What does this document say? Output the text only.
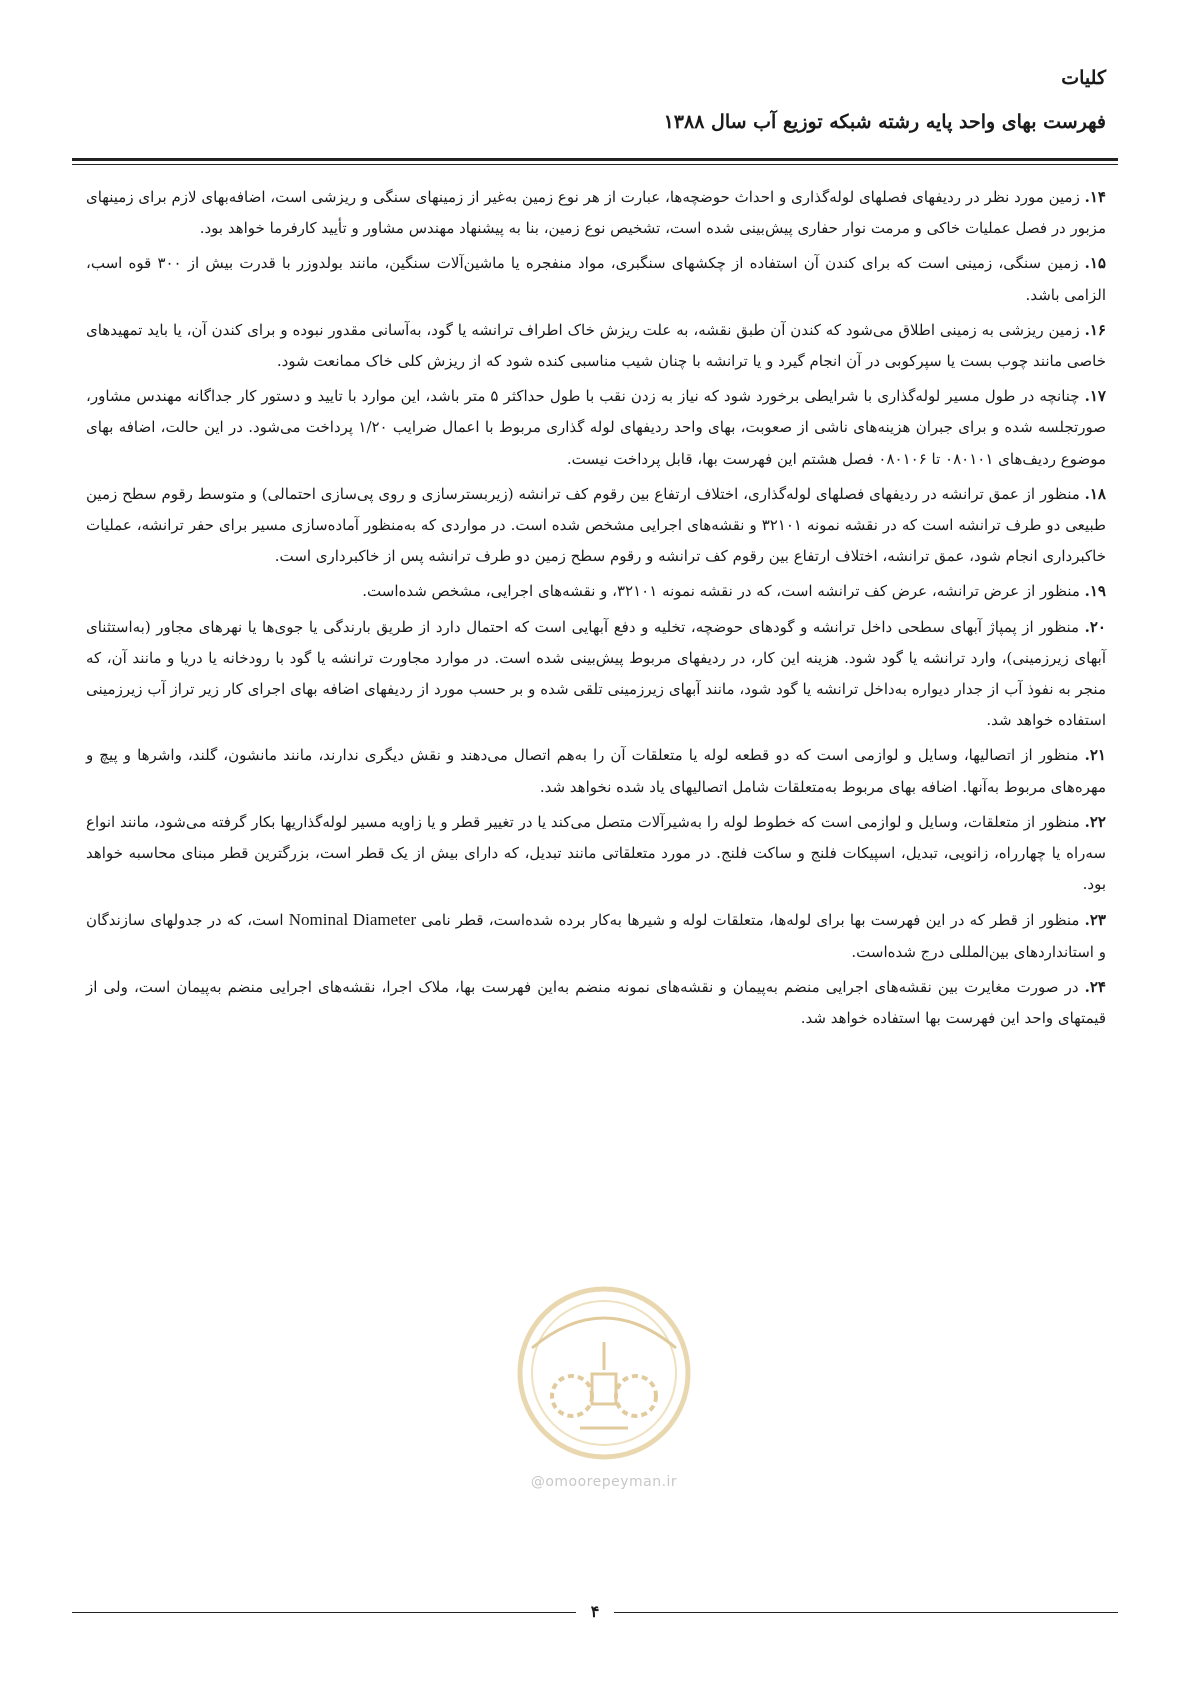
کلیات
فهرست بهای واحد پایه رشته شبکه توزیع آب سال ۱۳۸۸

۱۴. زمین مورد نظر در ردیفهای فصلهای لوله‌گذاری و احداث حوضچه‌ها، عبارت از هر نوع زمین به‌غیر از زمینهای سنگی و ریزشی است، اضافه‌بهای لازم برای زمینهای مزبور در فصل عملیات خاکی و مرمت نوار حفاری پیش‌بینی شده است، تشخیص نوع زمین، بنا به پیشنهاد مهندس مشاور و تأیید کارفرما خواهد بود.

۱۵. زمین سنگی، زمینی است که برای کندن آن استفاده از چکشهای سنگبری، مواد منفجره یا ماشین‌آلات سنگین، مانند بولدوزر با قدرت بیش از ۳۰۰ قوه اسب، الزامی باشد.

۱۶. زمین ریزشی به زمینی اطلاق می‌شود که کندن آن طبق نقشه، به علت ریزش خاک اطراف ترانشه یا گود، به‌آسانی مقدور نبوده و برای کندن آن، یا باید تمهیدهای خاصی مانند چوب بست یا سپرکوبی در آن انجام گیرد و یا ترانشه با چنان شیب مناسبی کنده شود که از ریزش کلی خاک ممانعت شود.

۱۷. چنانچه در طول مسیر لوله‌گذاری با شرایطی برخورد شود که نیاز به زدن نقب با طول حداکثر ۵ متر باشد، این موارد با تایید و دستور کار جداگانه مهندس مشاور، صورتجلسه شده و برای جبران هزینه‌های ناشی از صعوبت، بهای واحد ردیفهای لوله گذاری مربوط با اعمال ضرایب ۱/۲۰ پرداخت می‌شود. در این حالت، اضافه بهای موضوع ردیف‌های ۰۸۰۱۰۱ تا ۰۸۰۱۰۶ فصل هشتم این فهرست بها، قابل پرداخت نیست.

۱۸. منظور از عمق ترانشه در ردیفهای فصلهای لوله‌گذاری، اختلاف ارتفاع بین رقوم کف ترانشه (زیربسترسازی و روی پی‌سازی احتمالی) و متوسط رقوم سطح زمین طبیعی دو طرف ترانشه است که در نقشه نمونه ۳۲۱۰۱ و نقشه‌های اجرایی مشخص شده است. در مواردی که به‌منظور آماده‌سازی مسیر برای حفر ترانشه، عملیات خاکبرداری انجام شود، عمق ترانشه، اختلاف ارتفاع بین رقوم کف ترانشه و رقوم سطح زمین دو طرف ترانشه پس از خاکبرداری است.

۱۹. منظور از عرض ترانشه، عرض کف ترانشه است، که در نقشه نمونه ۳۲۱۰۱، و نقشه‌های اجرایی، مشخص شده‌است.

۲۰. منظور از پمپاژ آبهای سطحی داخل ترانشه و گودهای حوضچه، تخلیه و دفع آبهایی است که احتمال دارد از طریق بارندگی یا جوی‌ها یا نهرهای مجاور (به‌استثنای آبهای زیرزمینی)، وارد ترانشه یا گود شود. هزینه این کار، در ردیفهای مربوط پیش‌بینی شده است. در موارد مجاورت ترانشه یا گود با رودخانه یا دریا و مانند آن، که منجر به نفوذ آب از جدار دیواره به‌داخل ترانشه یا گود شود، مانند آبهای زیرزمینی تلقی شده و بر حسب مورد از ردیفهای اضافه بهای اجرای کار زیر تراز آب زیرزمینی استفاده خواهد شد.

۲۱. منظور از اتصالیها، وسایل و لوازمی است که دو قطعه لوله یا متعلقات آن را به‌هم اتصال می‌دهند و نقش دیگری ندارند، مانند مانشون، گلند، واشرها و پیچ و مهره‌های مربوط به‌آنها. اضافه بهای مربوط به‌متعلقات شامل اتصالیهای یاد شده نخواهد شد.

۲۲. منظور از متعلقات، وسایل و لوازمی است که خطوط لوله را به‌شیرآلات متصل می‌کند یا در تغییر قطر و یا زاویه مسیر لوله‌گذاریها بکار گرفته می‌شود، مانند انواع سه‌راه یا چهارراه، زانویی، تبدیل، اسپیکات فلنج و ساکت فلنج. در مورد متعلقاتی مانند تبدیل، که دارای بیش از یک قطر است، بزرگترین قطر مبنای محاسبه خواهد بود.

۲۳. منظور از قطر که در این فهرست بها برای لوله‌ها، متعلقات لوله و شیرها به‌کار برده شده‌است، قطر نامی Nominal Diameter است، که در جدولهای سازندگان و استانداردهای بین‌المللی درج شده‌است.

۲۴. در صورت مغایرت بین نقشه‌های اجرایی منضم به‌پیمان و نقشه‌های نمونه منضم به‌این فهرست بها، ملاک اجرا، نقشه‌های اجرایی منضم به‌پیمان است، ولی از قیمتهای واحد این فهرست بها استفاده خواهد شد.

@omoorepeyman.ir
۴
